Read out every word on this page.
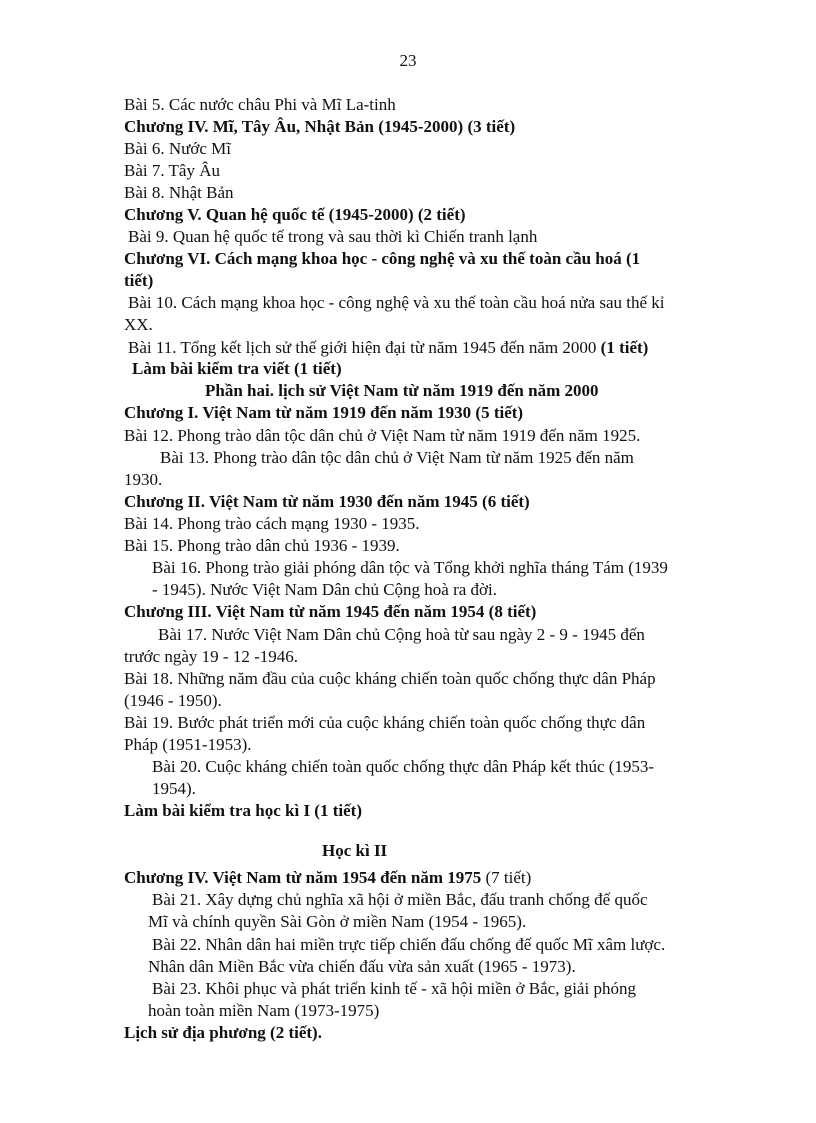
23
Bài 5. Các nước châu Phi và Mĩ La-tinh
Chương IV. Mĩ, Tây Âu, Nhật Bản (1945-2000) (3 tiết)
Bài 6. Nước Mĩ
Bài 7. Tây Âu
Bài 8. Nhật Bản
Chương V. Quan hệ quốc tế (1945-2000) (2 tiết)
Bài 9. Quan hệ quốc tế trong và sau thời kì Chiến tranh lạnh
Chương VI. Cách mạng khoa học - công nghệ và xu thế toàn cầu hoá (1
tiết)
Bài 10. Cách mạng khoa học - công nghệ và xu thế toàn cầu hoá nửa sau thế kỉ
XX.
Bài 11. Tổng kết lịch sử thế giới hiện đại từ năm 1945 đến năm 2000 (1 tiết)
Làm bài kiểm tra viết (1 tiết)
Phần hai. lịch sử Việt Nam từ năm 1919 đến năm 2000
Chương I. Việt Nam từ năm 1919 đến năm 1930 (5 tiết)
Bài 12. Phong trào dân tộc dân chủ ở Việt Nam từ năm 1919 đến năm 1925.
Bài 13. Phong trào dân tộc dân chủ ở Việt Nam từ năm 1925 đến năm
1930.
Chương II. Việt Nam từ năm 1930 đến năm 1945 (6 tiết)
Bài 14. Phong trào cách mạng 1930 - 1935.
Bài 15. Phong trào dân chủ 1936 - 1939.
Bài 16. Phong trào giải phóng dân tộc và Tổng khởi nghĩa tháng Tám (1939
- 1945). Nước Việt Nam Dân chủ Cộng hoà ra đời.
Chương III. Việt Nam từ năm 1945 đến năm 1954 (8 tiết)
Bài 17. Nước Việt Nam Dân chủ Cộng hoà từ sau ngày 2 - 9 - 1945 đến
trước ngày 19 - 12 -1946.
Bài 18. Những năm đầu của cuộc kháng chiến toàn quốc chống thực dân Pháp
(1946 - 1950).
Bài 19. Bước phát triển mới của cuộc kháng chiến toàn quốc chống thực dân
Pháp (1951-1953).
Bài 20. Cuộc kháng chiến toàn quốc chống thực dân Pháp kết thúc (1953-
1954).
Làm bài kiểm tra học kì I (1 tiết)
Học kì II
Chương IV. Việt Nam từ năm 1954 đến năm 1975 (7 tiết)
Bài 21. Xây dựng chủ nghĩa xã hội ở miền Bắc, đấu tranh chống đế quốc
Mĩ và chính quyền Sài Gòn ở miền Nam (1954 - 1965).
Bài 22. Nhân dân hai miền trực tiếp chiến đấu chống đế quốc Mĩ xâm lược.
Nhân dân Miền Bắc vừa chiến đấu vừa sản xuất (1965 - 1973).
Bài 23. Khôi phục và phát triển kinh tế - xã hội miền ở Bắc, giải phóng
hoàn toàn miền Nam (1973-1975)
Lịch sử địa phương (2 tiết).
